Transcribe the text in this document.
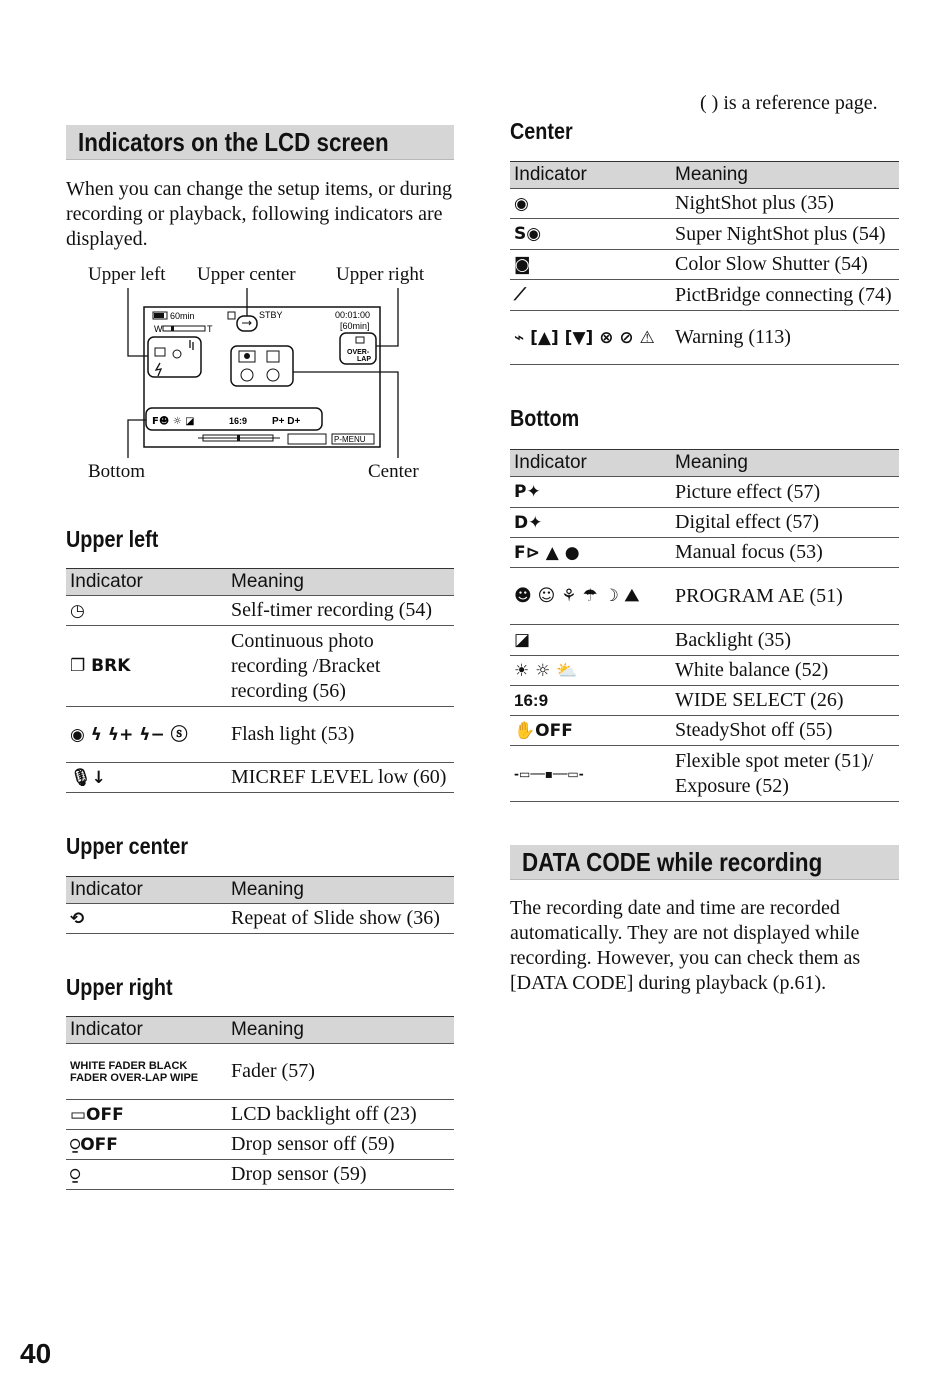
( ) is a reference page.
Indicators on the LCD screen
When you can change the setup items, or during recording or playback, following indicators are displayed.
Upper left Upper center Upper right
Bottom	Center
60min
W	T
STBY	00:01:00
[60min]
OVER-
LAP
F☻ ☼ ◪	16:9 P+ D+
P-MENU
Upper left
Indicator	Meaning
◷	Self-timer recording (54)
❐ BRK	Continuous photo recording /Bracket recording (56)
◉ ϟ ϟ+ ϟ− ⓢ	Flash light (53)
🎙↓	MICREF LEVEL low (60)
Upper center
Indicator	Meaning
⟲	Repeat of Slide show (36)
Upper right
Indicator	Meaning
WHITE FADER BLACK FADER OVER-LAP WIPE	Fader (57)
▭OFF	LCD backlight off (23)
⍜OFF	Drop sensor off (59)
⍜	Drop sensor (59)
Center
Indicator	Meaning
◉	NightShot plus (35)
S◉	Super NightShot plus (54)
◙	Color Slow Shutter (54)
⟋	PictBridge connecting (74)
⌁ [▲] [▼] ⊗ ⊘ ⚠	Warning (113)
Bottom
Indicator	Meaning
P✦	Picture effect (57)
D✦	Digital effect (57)
F⊳ ▲ ●	Manual focus (53)
☻ ☺ ⚘ ☂ ☽ ⛰	PROGRAM AE (51)
◪	Backlight (35)
☀ ☼ ⛅	White balance (52)
16:9	WIDE SELECT (26)
✋OFF	SteadyShot off (55)
-▭──▪──▭-	Flexible spot meter (51)/ Exposure (52)
DATA CODE while recording
The recording date and time are recorded automatically. They are not displayed while recording. However, you can check them as [DATA CODE] during playback (p.61).
40
